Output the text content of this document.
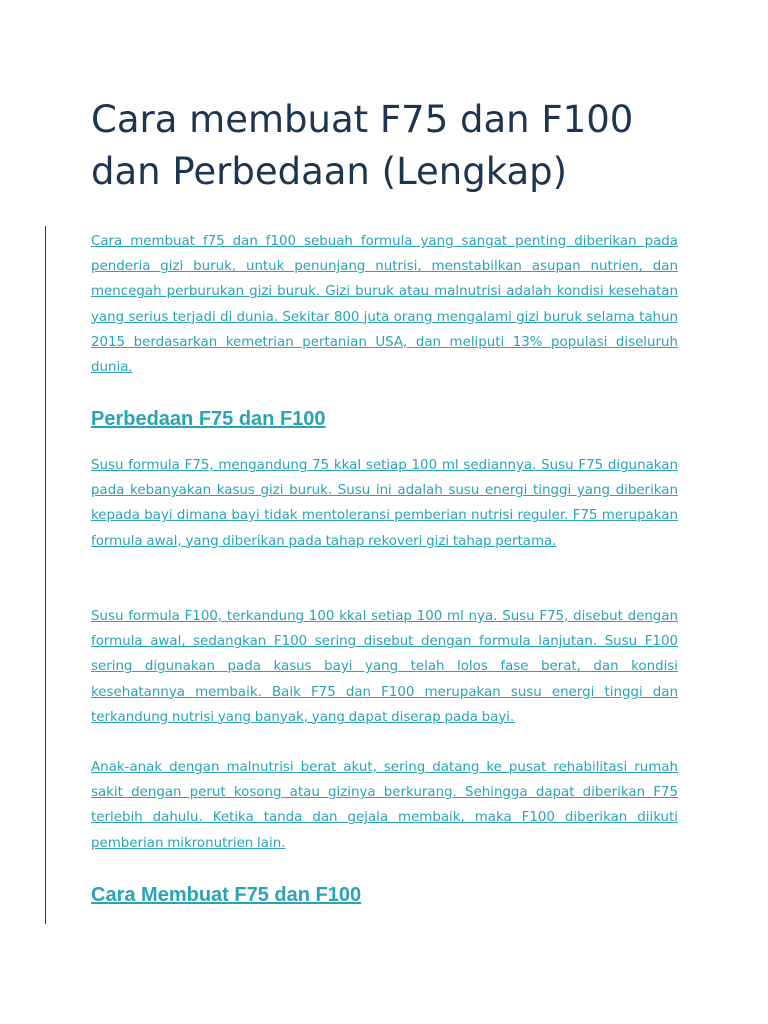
Cara membuat F75 dan F100 dan Perbedaan (Lengkap)

Cara membuat f75 dan f100 sebuah formula yang sangat penting diberikan pada penderia gizi buruk, untuk penunjang nutrisi, menstabilkan asupan nutrien, dan mencegah perburukan gizi buruk. Gizi buruk atau malnutrisi adalah kondisi kesehatan yang serius terjadi di dunia. Sekitar 800 juta orang mengalami gizi buruk selama tahun 2015 berdasarkan kemetrian pertanian USA, dan meliputi 13% populasi diseluruh dunia.

Perbedaan F75 dan F100

Susu formula F75, mengandung 75 kkal setiap 100 ml sediannya. Susu F75 digunakan pada kebanyakan kasus gizi buruk. Susu ini adalah susu energi tinggi yang diberikan kepada bayi dimana bayi tidak mentoleransi pemberian nutrisi reguler. F75 merupakan formula awal, yang diberikan pada tahap rekoveri gizi tahap pertama.

Susu formula F100, terkandung 100 kkal setiap 100 ml nya. Susu F75, disebut dengan formula awal, sedangkan F100 sering disebut dengan formula lanjutan. Susu F100 sering digunakan pada kasus bayi yang telah lolos fase berat, dan kondisi kesehatannya membaik. Baik F75 dan F100 merupakan susu energi tinggi dan terkandung nutrisi yang banyak, yang dapat diserap pada bayi.

Anak-anak dengan malnutrisi berat akut, sering datang ke pusat rehabilitasi rumah sakit dengan perut kosong atau gizinya berkurang. Sehingga dapat diberikan F75 terlebih dahulu. Ketika tanda dan gejala membaik, maka F100 diberikan diikuti pemberian mikronutrien lain.

Cara Membuat F75 dan F100
